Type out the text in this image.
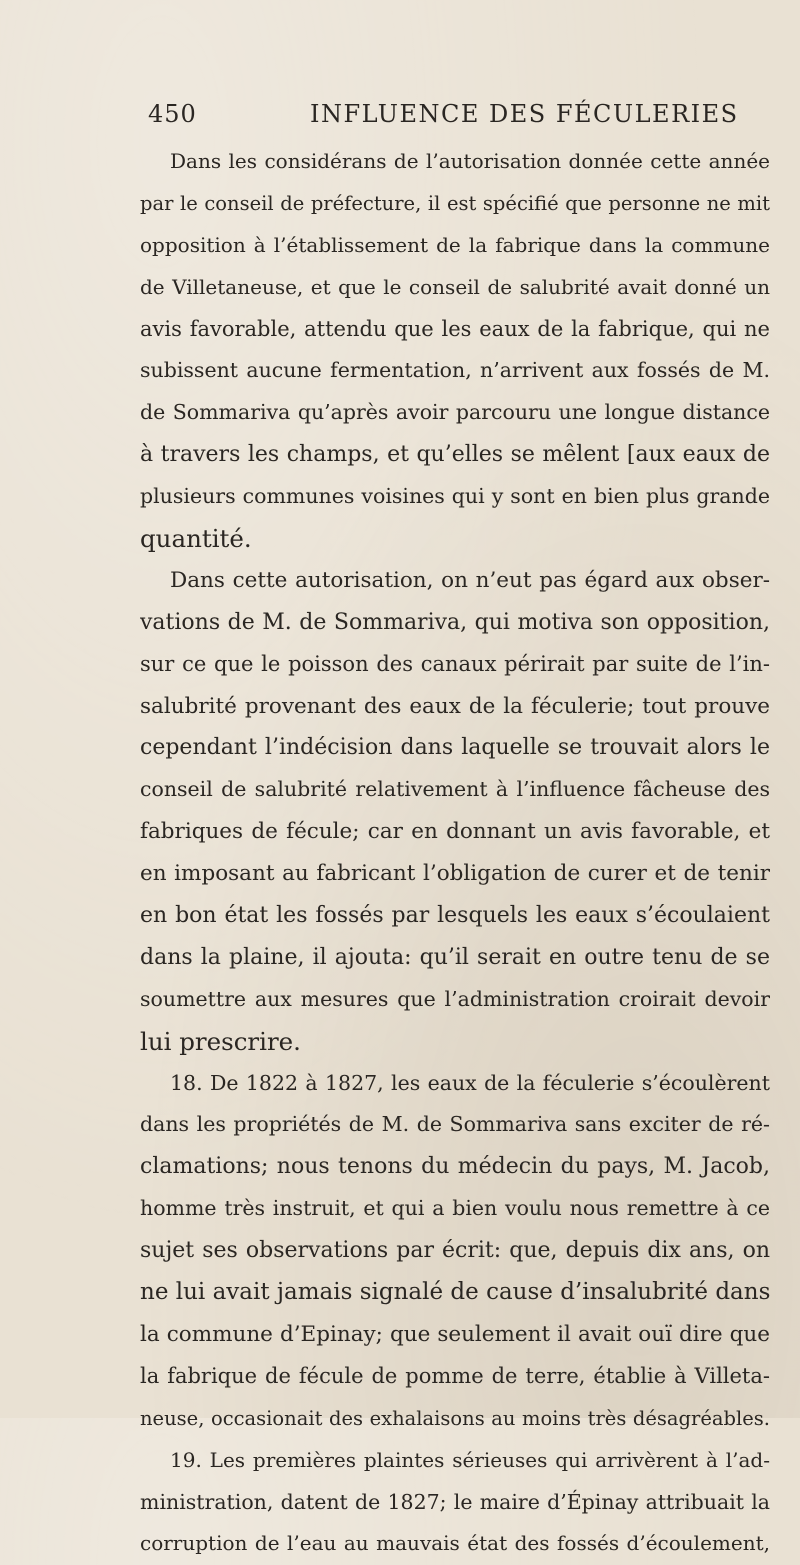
450	INFLUENCE DES FÉCULERIES
Dans les considérans de l’autorisation donnée cette année
par le conseil de préfecture, il est spécifié que personne ne mit
opposition à l’établissement de la fabrique dans la commune
de Villetaneuse, et que le conseil de salubrité avait donné un
avis favorable, attendu que les eaux de la fabrique, qui ne
subissent aucune fermentation, n’arrivent aux fossés de M.
de Sommariva qu’après avoir parcouru une longue distance
à travers les champs, et qu’elles se mêlent [aux eaux de
plusieurs communes voisines qui y sont en bien plus grande
quantité.
Dans cette autorisation, on n’eut pas égard aux obser-
vations de M. de Sommariva, qui motiva son opposition,
sur ce que le poisson des canaux périrait par suite de l’in-
salubrité provenant des eaux de la féculerie; tout prouve
cependant l’indécision dans laquelle se trouvait alors le
conseil de salubrité relativement à l’influence fâcheuse des
fabriques de fécule; car en donnant un avis favorable, et
en imposant au fabricant l’obligation de curer et de tenir
en bon état les fossés par lesquels les eaux s’écoulaient
dans la plaine, il ajouta: qu’il serait en outre tenu de se
soumettre aux mesures que l’administration croirait devoir
lui prescrire.
18. De 1822 à 1827, les eaux de la féculerie s’écoulèrent
dans les propriétés de M. de Sommariva sans exciter de ré-
clamations; nous tenons du médecin du pays, M. Jacob,
homme très instruit, et qui a bien voulu nous remettre à ce
sujet ses observations par écrit: que, depuis dix ans, on
ne lui avait jamais signalé de cause d’insalubrité dans
la commune d’Epinay; que seulement il avait ouï dire que
la fabrique de fécule de pomme de terre, établie à Villeta-
neuse, occasionait des exhalaisons au moins très désagréables.
19. Les premières plaintes sérieuses qui arrivèrent à l’ad-
ministration, datent de 1827; le maire d’Épinay attribuait la
corruption de l’eau au mauvais état des fossés d’écoulement,
